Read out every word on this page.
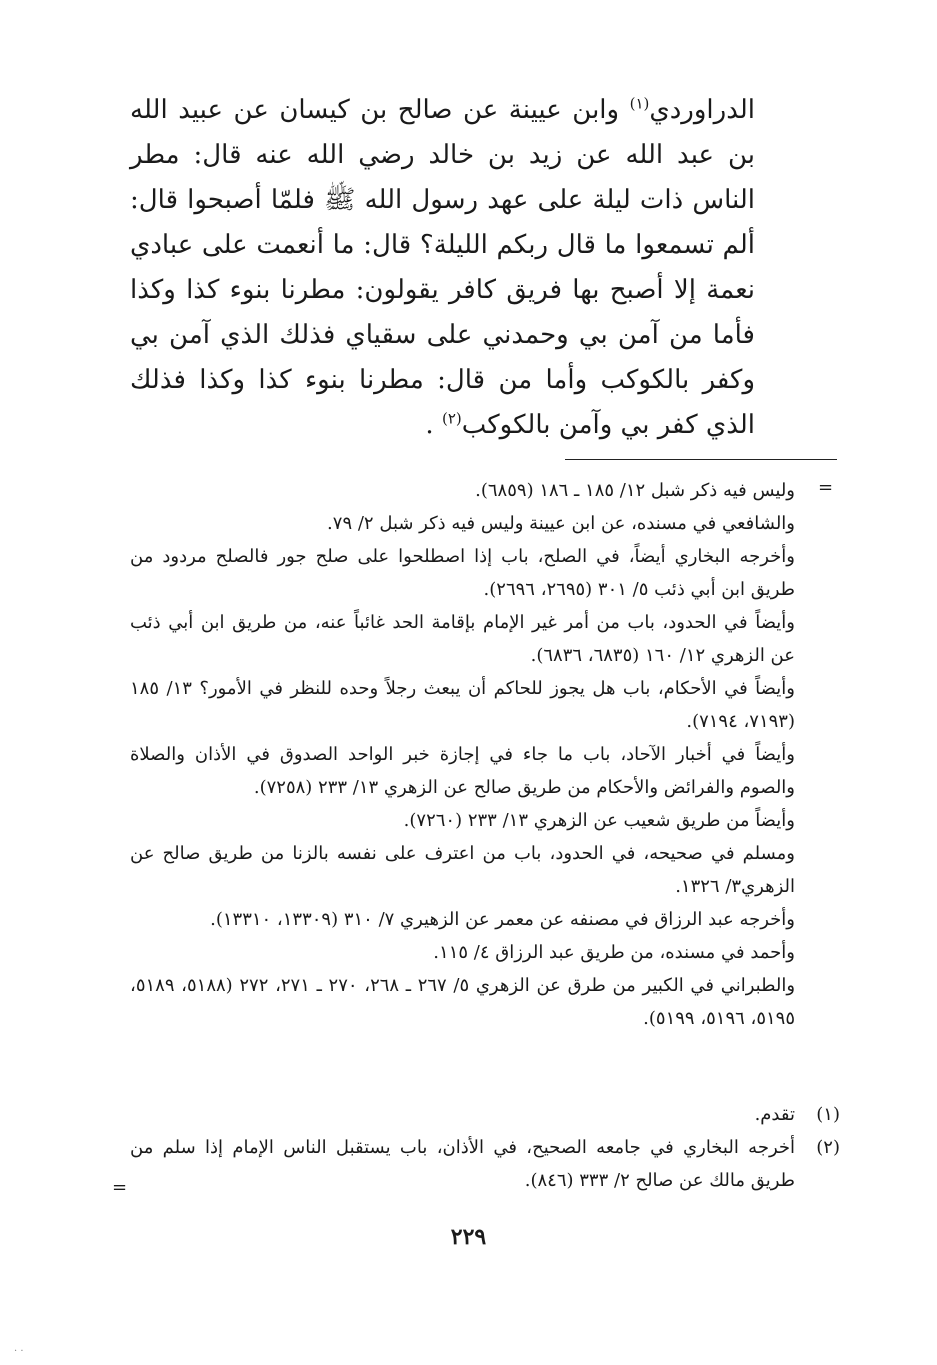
الدراوردي$^{(١)}$ وابن عيينة عن صالح بن كيسان عن عبيد الله بن عبد الله عن زيد بن خالد رضي الله عنه قال: مطر الناس ذات ليلة على عهد رسول الله ﷺ فلمّا أصبحوا قال: ألم تسمعوا ما قال ربكم الليلة؟ قال: ما أنعمت على عبادي نعمة إلا أصبح بها فريق كافر يقولون: مطرنا بنوء كذا وكذا فأما من آمن بي وحمدني على سقياي فذلك الذي آمن بي وكفر بالكوكب وأما من قال: مطرنا بنوء كذا وكذا فذلك الذي كفر بي وآمن بالكوكب$^{(٢)}$ .

=

وليس فيه ذكر شبل ١٢/ ١٨٥ ـ ١٨٦ (٦٨٥٩).

والشافعي في مسنده، عن ابن عيينة وليس فيه ذكر شبل ٢/ ٧٩.

وأخرجه البخاري أيضاً، في الصلح، باب إذا اصطلحوا على صلح جور فالصلح مردود من طريق ابن أبي ذئب ٥/ ٣٠١ (٢٦٩٥، ٢٦٩٦).

وأيضاً في الحدود، باب من أمر غير الإمام بإقامة الحد غائباً عنه، من طريق ابن أبي ذئب عن الزهري ١٢/ ١٦٠ (٦٨٣٥، ٦٨٣٦).

وأيضاً في الأحكام، باب هل يجوز للحاكم أن يبعث رجلاً وحده للنظر في الأمور؟ ١٣/ ١٨٥ (٧١٩٣، ٧١٩٤).

وأيضاً في أخبار الآحاد، باب ما جاء في إجازة خبر الواحد الصدوق في الأذان والصلاة والصوم والفرائض والأحكام من طريق صالح عن الزهري ١٣/ ٢٣٣ (٧٢٥٨).

وأيضاً من طريق شعيب عن الزهري ١٣/ ٢٣٣ (٧٢٦٠).

ومسلم في صحيحه، في الحدود، باب من اعترف على نفسه بالزنا من طريق صالح عن الزهري٣/ ١٣٢٦.

وأخرجه عبد الرزاق في مصنفه عن معمر عن الزهيري ٧/ ٣١٠ (١٣٣٠٩، ١٣٣١٠).

وأحمد في مسنده، من طريق عبد الرزاق ٤/ ١١٥.

والطبراني في الكبير من طرق عن الزهري ٥/ ٢٦٧ ـ ٢٦٨، ٢٧٠ ـ ٢٧١، ٢٧٢ (٥١٨٨، ٥١٨٩، ٥١٩٥، ٥١٩٦، ٥١٩٩).

(١)
تقدم.
(٢)
أخرجه البخاري في جامعه الصحيح، في الأذان، باب يستقبل الناس الإمام إذا سلم من طريق مالك عن صالح ٢/ ٣٣٣ (٨٤٦).
=
٢٢٩
· ·
